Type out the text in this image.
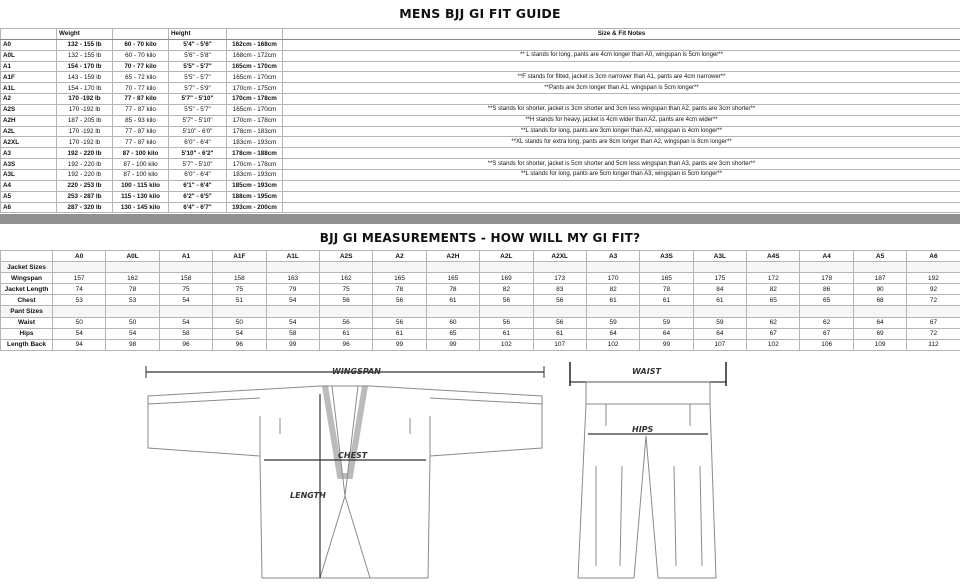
MENS BJJ GI FIT GUIDE
	Weight		Height		Size & Fit Notes
A0	132 - 155 lb	60 - 70 kilo	5'4" - 5'6"	162cm - 168cm	
A0L	132 - 155 lb	60 - 70 kilo	5'6" - 5'8"	168cm - 172cm	** L stands for long, pants are 4cm longer than A0, wingspan is 5cm longer**
A1	154 - 170 lb	70 - 77 kilo	5'5" - 5'7"	165cm - 170cm	
A1F	143 - 159 lb	65 - 72 kilo	5'5" - 5'7"	165cm - 170cm	**F stands for fitted, jacket is 3cm narrower than A1, pants are 4cm narrower**
A1L	154 - 170 lb	70 - 77 kilo	5'7" - 5'9"	170cm - 175cm	**Pants are 3cm longer than A1, wingspan is 5cm longer**
A2	170 -192 lb	77 - 87 kilo	5'7" - 5'10"	170cm - 178cm	
A2S	170 -192 lb	77 - 87 kilo	5'5" - 5'7"	165cm - 170cm	**S stands for shorter, jacket is 3cm shorter and 3cm less wingspan than A2, pants are 3cm shorter**
A2H	187 - 205 lb	85 - 93 kilo	5'7" - 5'10"	170cm - 178cm	**H stands for heavy, jacket is 4cm wider than A2, pants are 4cm wider**
A2L	170 -192 lb	77 - 87 kilo	5'10" - 6'0"	178cm - 183cm	**L stands for long, pants are 3cm longer than A2, wingspan is 4cm longer**
A2XL	170 -192 lb	77 - 87 kilo	6'0" - 6'4"	183cm - 193cm	**XL stands for extra long, pants are 8cm longer than A2, wingspan is 8cm longer**
A3	192 - 220 lb	87 - 100 kilo	5'10" - 6'2"	178cm - 188cm	
A3S	192 - 220 lb	87 - 100 kilo	5'7" - 5'10"	170cm - 178cm	**S stands for shorter, jacket is 5cm shorter and 5cm less wingspan than A3, pants are 3cm shorter**
A3L	192 - 220 lb	87 - 100 kilo	6'0" - 6'4"	183cm - 193cm	**L stands for long, pants are 5cm longer than A3, wingspan is 5cm longer**
A4	220 - 253 lb	100 - 115 kilo	6'1" - 6'4"	185cm - 193cm	
A5	253 - 287 lb	115 - 130 kilo	6'2" - 6'5"	188cm - 195cm	
A6	287 - 320 lb	130 - 145 kilo	6'4" - 6'7"	193cm - 200cm	
BJJ GI MEASUREMENTS - HOW WILL MY GI FIT?
	A0	A0L	A1	A1F	A1L	A2S	A2	A2H	A2L	A2XL	A3	A3S	A3L	A4S	A4	A5	A6
Jacket Sizes																	
Wingspan	157	162	158	158	163	162	165	165	169	173	170	165	175	172	178	187	192
Jacket Length	74	78	75	75	79	75	78	78	82	83	82	78	84	82	86	90	92
Chest	53	53	54	51	54	56	56	61	56	56	61	61	61	65	65	68	72
Pant Sizes																	
Waist	50	50	54	50	54	56	56	60	56	56	59	59	59	62	62	64	67
Hips	54	54	58	54	58	61	61	65	61	61	64	64	64	67	67	69	72
Length Back	94	98	96	96	99	96	99	99	102	107	102	99	107	102	106	109	112
WINGSPAN
CHEST
LENGTH
WAIST
HIPS
